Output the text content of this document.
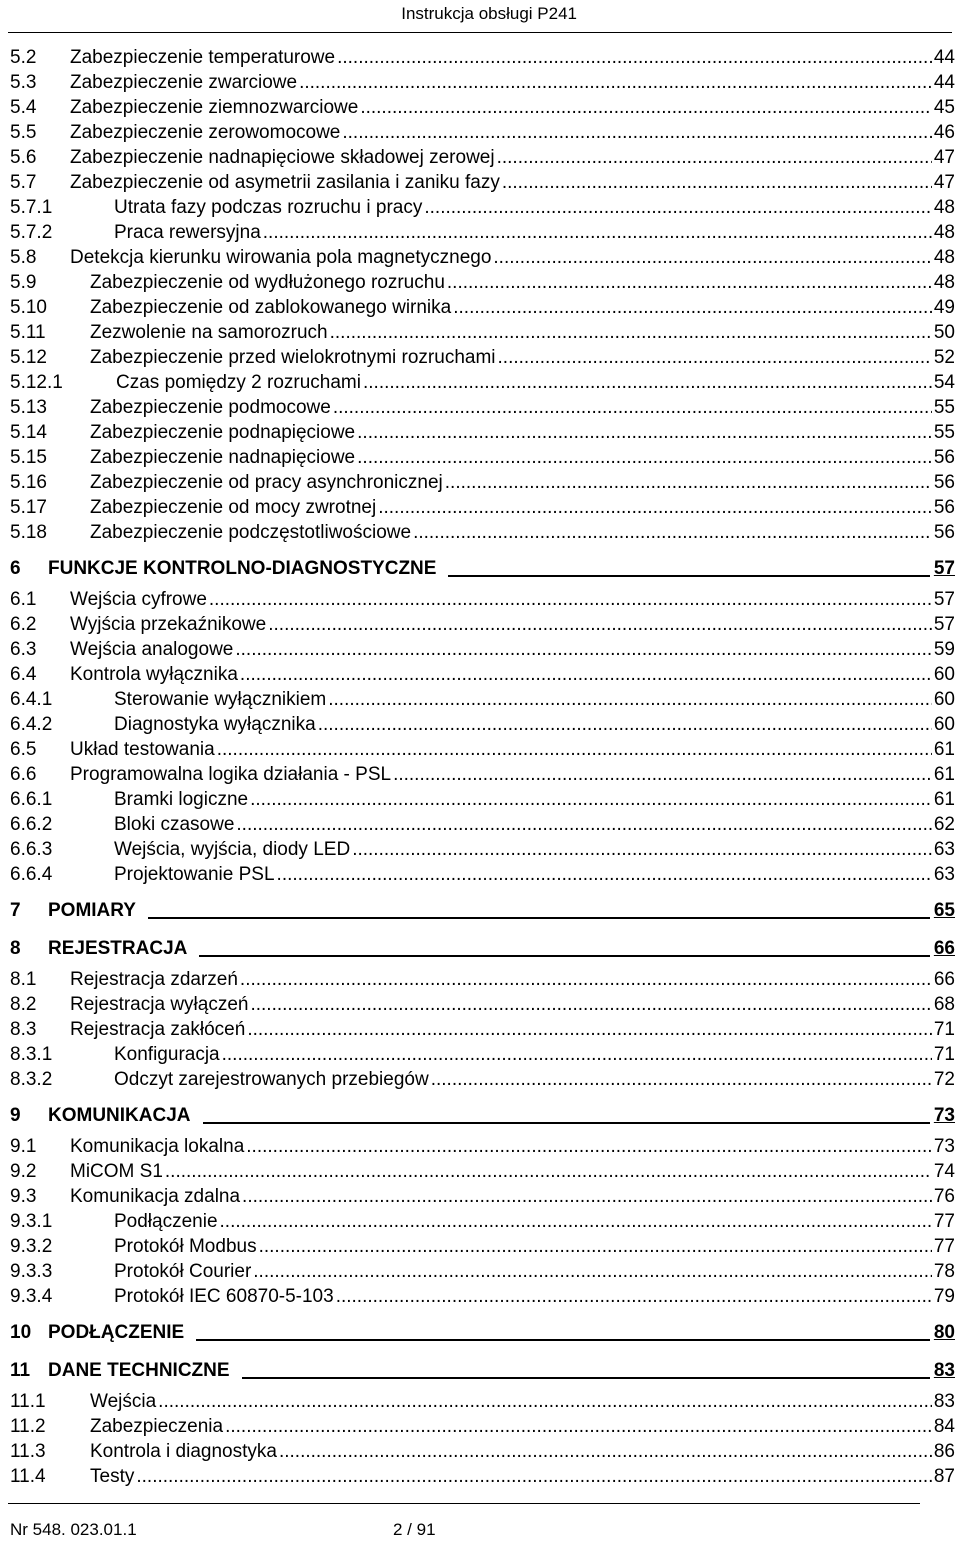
Instrukcja obsługi P241
5.2	Zabezpieczenie temperaturowe .....	44
5.3	Zabezpieczenie zwarciowe .....	44
5.4	Zabezpieczenie ziemnozwarciowe .....	45
5.5	Zabezpieczenie zerowomocowe .....	46
5.6	Zabezpieczenie nadnapięciowe składowej zerowej .....	47
5.7	Zabezpieczenie od asymetrii zasilania i zaniku fazy .....	47
5.7.1	Utrata fazy podczas rozruchu i pracy .....	48
5.7.2	Praca rewersyjna .....	48
5.8	Detekcja kierunku wirowania pola magnetycznego .....	48
5.9	Zabezpieczenie od wydłużonego rozruchu .....	48
5.10	Zabezpieczenie od zablokowanego wirnika .....	49
5.11	Zezwolenie na samorozruch .....	50
5.12	Zabezpieczenie przed wielokrotnymi rozruchami .....	52
5.12.1	Czas pomiędzy 2 rozruchami .....	54
5.13	Zabezpieczenie podmocowe .....	55
5.14	Zabezpieczenie podnapięciowe .....	55
5.15	Zabezpieczenie nadnapięciowe .....	56
5.16	Zabezpieczenie od pracy asynchronicznej .....	56
5.17	Zabezpieczenie od mocy zwrotnej .....	56
5.18	Zabezpieczenie podczęstotliwościowe .....	56
6	FUNKCJE KONTROLNO-DIAGNOSTYCZNE	57
6.1	Wejścia cyfrowe .....	57
6.2	Wyjścia przekaźnikowe .....	57
6.3	Wejścia analogowe .....	59
6.4	Kontrola wyłącznika .....	60
6.4.1	Sterowanie wyłącznikiem .....	60
6.4.2	Diagnostyka wyłącznika .....	60
6.5	Układ testowania .....	61
6.6	Programowalna logika działania - PSL .....	61
6.6.1	Bramki logiczne .....	61
6.6.2	Bloki czasowe .....	62
6.6.3	Wejścia, wyjścia, diody LED .....	63
6.6.4	Projektowanie PSL .....	63
7	POMIARY	65
8	REJESTRACJA	66
8.1	Rejestracja zdarzeń .....	66
8.2	Rejestracja wyłączeń .....	68
8.3	Rejestracja zakłóceń .....	71
8.3.1	Konfiguracja .....	71
8.3.2	Odczyt zarejestrowanych przebiegów .....	72
9	KOMUNIKACJA	73
9.1	Komunikacja lokalna .....	73
9.2	MiCOM S1 .....	74
9.3	Komunikacja zdalna .....	76
9.3.1	Podłączenie .....	77
9.3.2	Protokół Modbus .....	77
9.3.3	Protokół Courier .....	78
9.3.4	Protokół IEC 60870-5-103 .....	79
10 PODŁĄCZENIE	80
11 DANE TECHNICZNE	83
11.1	Wejścia .....	83
11.2	Zabezpieczenia .....	84
11.3	Kontrola i diagnostyka .....	86
11.4	Testy .....	87
Nr 548. 023.01.1	2 / 91
